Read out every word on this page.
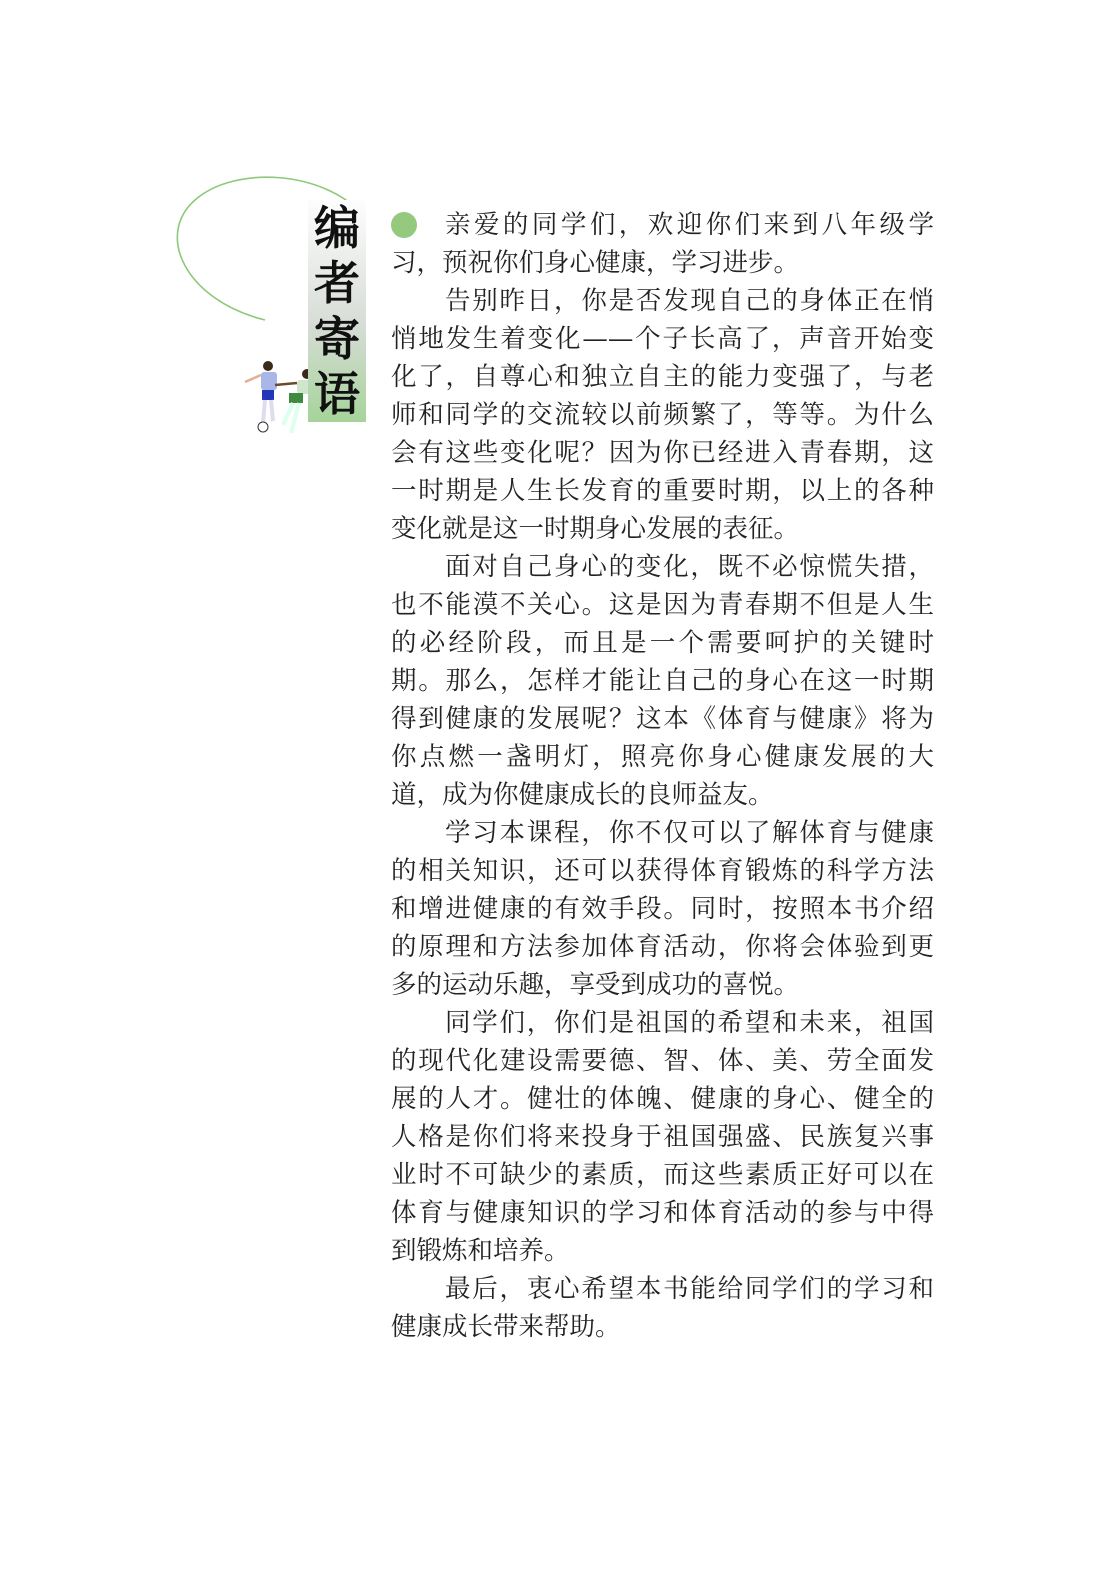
编
者
寄
语
亲爱的同学们，欢迎你们来到八年级学
习，预祝你们身心健康，学习进步。
告别昨日，你是否发现自己的身体正在悄
悄地发生着变化——个子长高了，声音开始变
化了，自尊心和独立自主的能力变强了，与老
师和同学的交流较以前频繁了，等等。为什么
会有这些变化呢？因为你已经进入青春期，这
一时期是人生长发育的重要时期，以上的各种
变化就是这一时期身心发展的表征。
面对自己身心的变化，既不必惊慌失措，
也不能漠不关心。这是因为青春期不但是人生
的必经阶段，而且是一个需要呵护的关键时
期。那么，怎样才能让自己的身心在这一时期
得到健康的发展呢？这本《体育与健康》将为
你点燃一盏明灯，照亮你身心健康发展的大
道，成为你健康成长的良师益友。
学习本课程，你不仅可以了解体育与健康
的相关知识，还可以获得体育锻炼的科学方法
和增进健康的有效手段。同时，按照本书介绍
的原理和方法参加体育活动，你将会体验到更
多的运动乐趣，享受到成功的喜悦。
同学们，你们是祖国的希望和未来，祖国
的现代化建设需要德、智、体、美、劳全面发
展的人才。健壮的体魄、健康的身心、健全的
人格是你们将来投身于祖国强盛、民族复兴事
业时不可缺少的素质，而这些素质正好可以在
体育与健康知识的学习和体育活动的参与中得
到锻炼和培养。
最后，衷心希望本书能给同学们的学习和
健康成长带来帮助。
